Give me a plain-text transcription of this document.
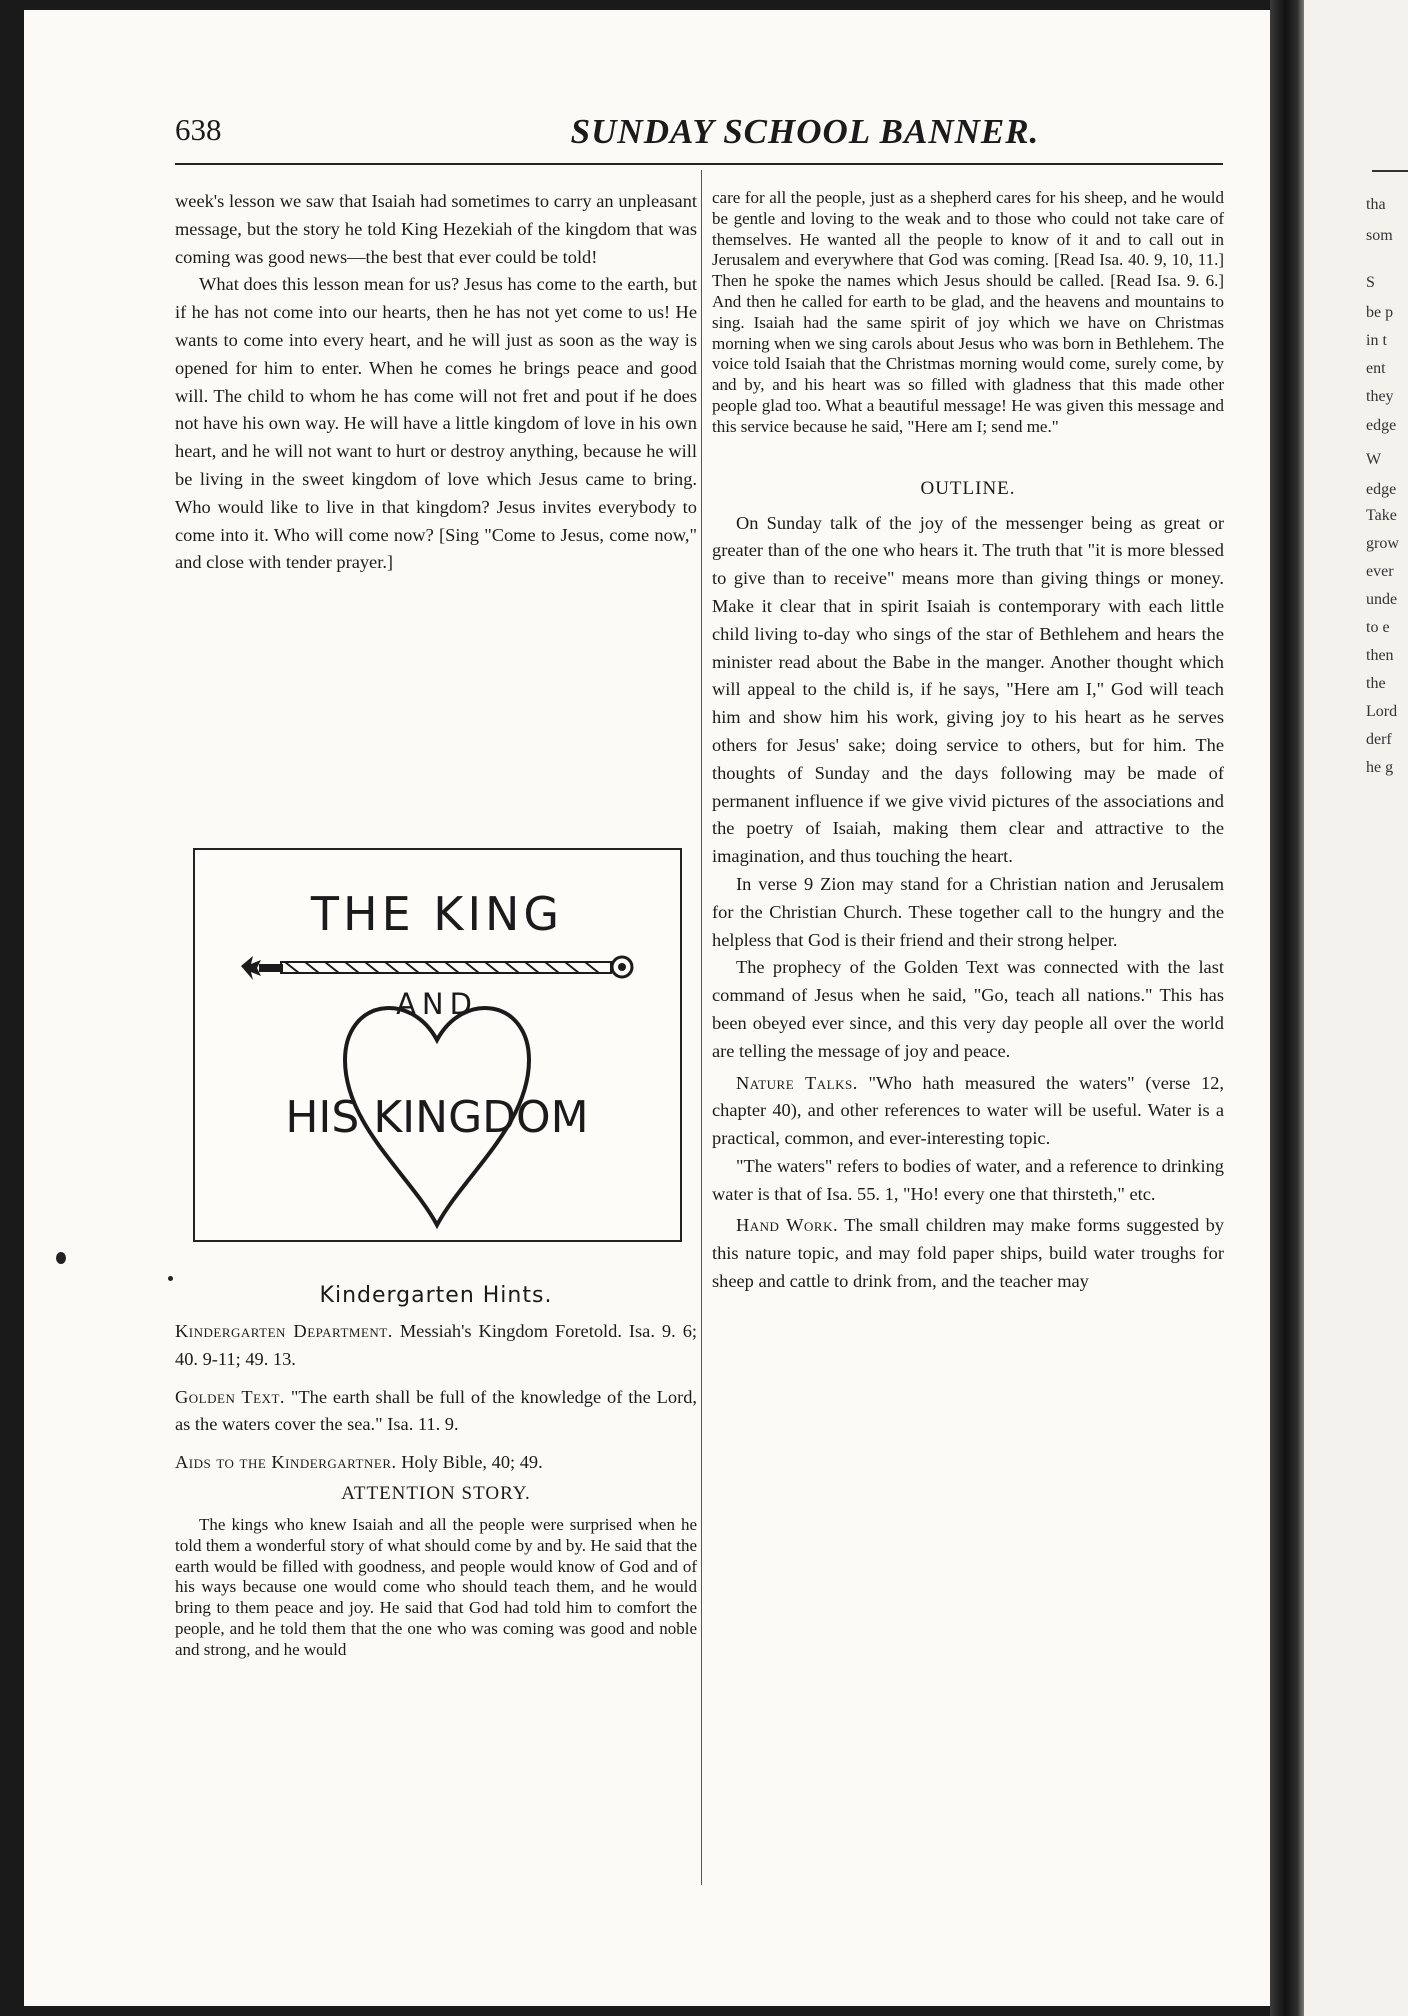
tha
som
S
be p
in t
ent
they
edge
W
edge
Take
grow
ever
unde
to e
then
the
Lord
derf
he g
638	SUNDAY SCHOOL BANNER.

week's lesson we saw that Isaiah had sometimes to carry an unpleasant message, but the story he told King Hezekiah of the kingdom that was coming was good news—the best that ever could be told!

What does this lesson mean for us? Jesus has come to the earth, but if he has not come into our hearts, then he has not yet come to us! He wants to come into every heart, and he will just as soon as the way is opened for him to enter. When he comes he brings peace and good will. The child to whom he has come will not fret and pout if he does not have his own way. He will have a little kingdom of love in his own heart, and he will not want to hurt or destroy anything, because he will be living in the sweet kingdom of love which Jesus came to bring. Who would like to live in that kingdom? Jesus invites everybody to come into it. Who will come now? [Sing "Come to Jesus, come now," and close with tender prayer.]

THE KING
AND
HIS KINGDOM
Kindergarten Hints.

Kindergarten Department. Messiah's Kingdom Foretold. Isa. 9. 6; 40. 9-11; 49. 13.

Golden Text. "The earth shall be full of the knowledge of the Lord, as the waters cover the sea." Isa. 11. 9.

Aids to the Kindergartner. Holy Bible, 40; 49.

ATTENTION STORY.

The kings who knew Isaiah and all the people were surprised when he told them a wonderful story of what should come by and by. He said that the earth would be filled with goodness, and people would know of God and of his ways because one would come who should teach them, and he would bring to them peace and joy. He said that God had told him to comfort the people, and he told them that the one who was coming was good and noble and strong, and he would

care for all the people, just as a shepherd cares for his sheep, and he would be gentle and loving to the weak and to those who could not take care of themselves. He wanted all the people to know of it and to call out in Jerusalem and everywhere that God was coming. [Read Isa. 40. 9, 10, 11.] Then he spoke the names which Jesus should be called. [Read Isa. 9. 6.] And then he called for earth to be glad, and the heavens and mountains to sing. Isaiah had the same spirit of joy which we have on Christmas morning when we sing carols about Jesus who was born in Bethlehem. The voice told Isaiah that the Christmas morning would come, surely come, by and by, and his heart was so filled with gladness that this made other people glad too. What a beautiful message! He was given this message and this service because he said, "Here am I; send me."

OUTLINE.

On Sunday talk of the joy of the messenger being as great or greater than of the one who hears it. The truth that "it is more blessed to give than to receive" means more than giving things or money. Make it clear that in spirit Isaiah is contemporary with each little child living to-day who sings of the star of Bethlehem and hears the minister read about the Babe in the manger. Another thought which will appeal to the child is, if he says, "Here am I," God will teach him and show him his work, giving joy to his heart as he serves others for Jesus' sake; doing service to others, but for him. The thoughts of Sunday and the days following may be made of permanent influence if we give vivid pictures of the associations and the poetry of Isaiah, making them clear and attractive to the imagination, and thus touching the heart.

In verse 9 Zion may stand for a Christian nation and Jerusalem for the Christian Church. These together call to the hungry and the helpless that God is their friend and their strong helper.

The prophecy of the Golden Text was connected with the last command of Jesus when he said, "Go, teach all nations." This has been obeyed ever since, and this very day people all over the world are telling the message of joy and peace.

Nature Talks. "Who hath measured the waters" (verse 12, chapter 40), and other references to water will be useful. Water is a practical, common, and ever-interesting topic.

"The waters" refers to bodies of water, and a reference to drinking water is that of Isa. 55. 1, "Ho! every one that thirsteth," etc.

Hand Work. The small children may make forms suggested by this nature topic, and may fold paper ships, build water troughs for sheep and cattle to drink from, and the teacher may
